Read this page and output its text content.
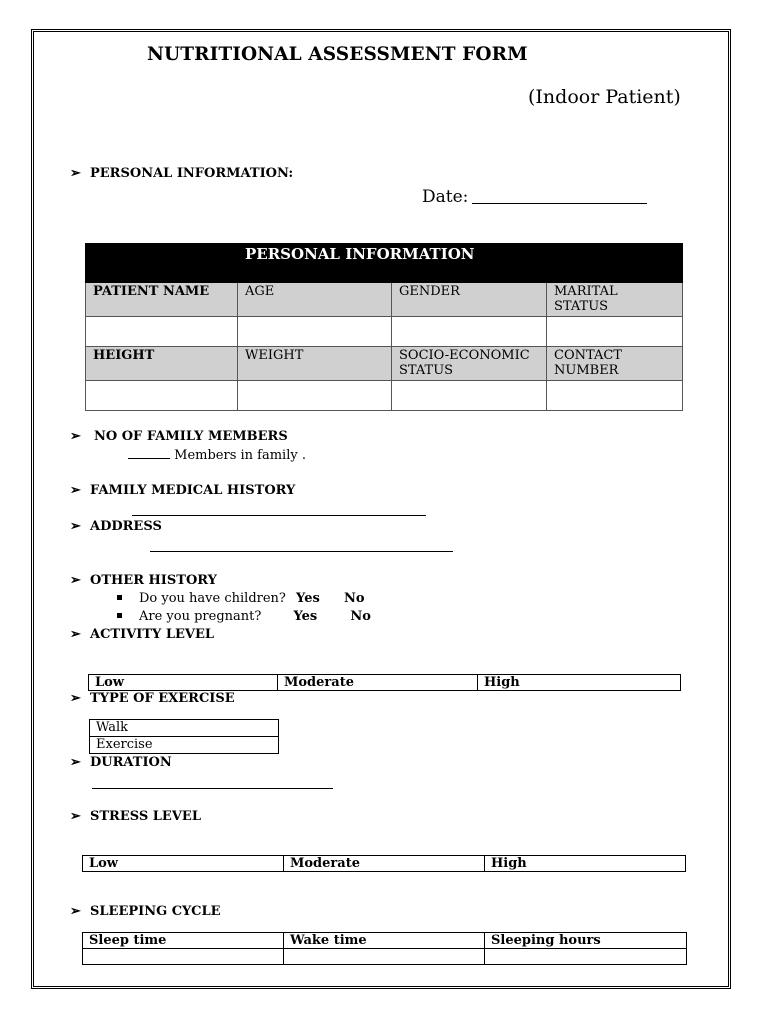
NUTRITIONAL ASSESSMENT FORM
(Indoor Patient)
➢ PERSONAL INFORMATION:
Date:
	PERSONAL INFORMATION		
PATIENT NAME	AGE	GENDER	MARITAL STATUS

HEIGHT	WEIGHT	SOCIO-ECONOMIC STATUS	CONTACT NUMBER

➢ NO OF FAMILY MEMBERS
Members in family .
➢ FAMILY MEDICAL HISTORY
➢ ADDRESS
➢ OTHER HISTORY
Do you have children? Yes No
Are you pregnant? Yes	No
➢ ACTIVITY LEVEL
Low	Moderate	High
➢ TYPE OF EXERCISE
Walk
Exercise
➢ DURATION
➢ STRESS LEVEL
Low	Moderate	High
➢ SLEEPING CYCLE
Sleep time	Wake time	Sleeping hours
